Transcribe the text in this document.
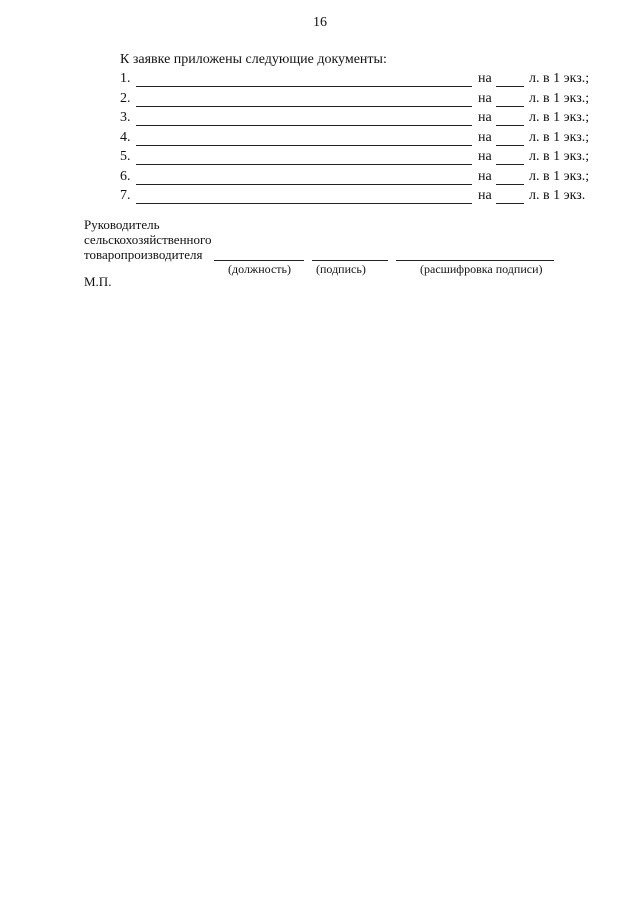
16
К заявке приложены следующие документы:
1.	на	л. в 1 экз.;
2.	на	л. в 1 экз.;
3.	на	л. в 1 экз.;
4.	на	л. в 1 экз.;
5.	на	л. в 1 экз.;
6.	на	л. в 1 экз.;
7.	на	л. в 1 экз.
Руководитель
сельскохозяйственного
товаропроизводителя
(должность) (подпись)	(расшифровка подписи)
М.П.
